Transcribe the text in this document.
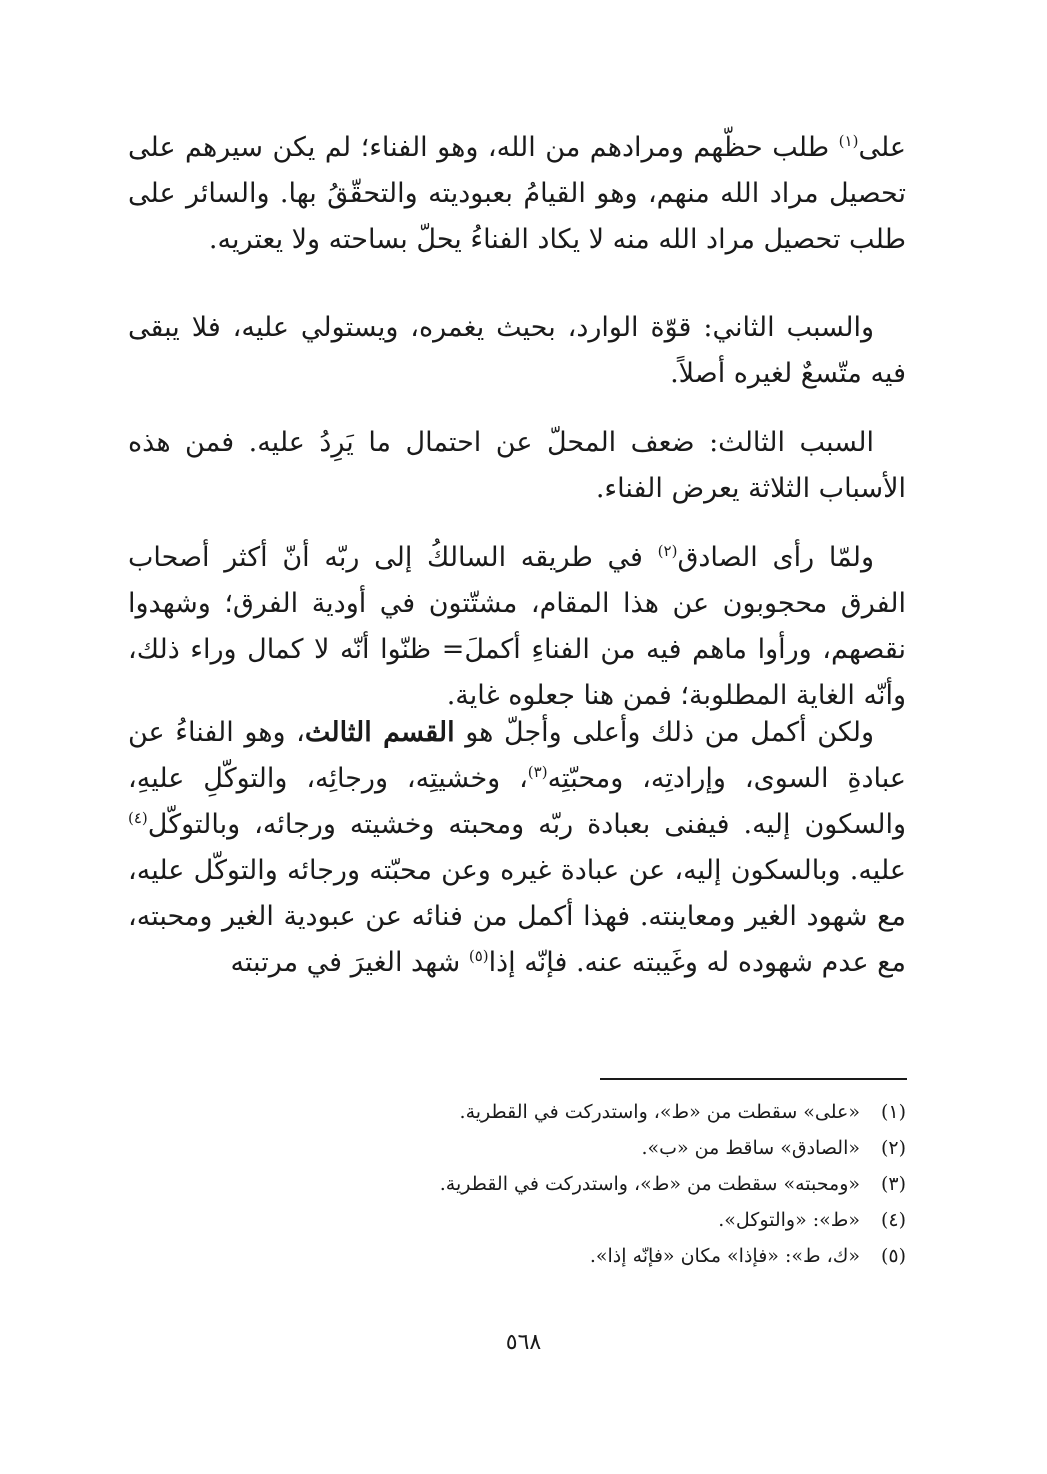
على$^{(١)}$ طلب حظّهم ومرادهم من الله، وهو الفناء؛ لم يكن سيرهم على تحصيل مراد الله منهم، وهو القيامُ بعبوديته والتحقّقُ بها. والسائر على طلب تحصيل مراد الله منه لا يكاد الفناءُ يحلّ بساحته ولا يعتريه.

والسبب الثاني: قوّة الوارد، بحيث يغمره، ويستولي عليه، فلا يبقى فيه متّسعٌ لغيره أصلاً.

السبب الثالث: ضعف المحلّ عن احتمال ما يَرِدُ عليه. فمن هذه الأسباب الثلاثة يعرض الفناء.

ولمّا رأى الصادق$^{(٢)}$ في طريقه السالكُ إلى ربّه أنّ أكثر أصحاب الفرق محجوبون عن هذا المقام، مشتّتون في أودية الفرق؛ وشهدوا نقصهم، ورأوا ماهم فيه من الفناءِ أكملَ= ظنّوا أنّه لا كمال وراء ذلك، وأنّه الغاية المطلوبة؛ فمن هنا جعلوه غاية.

ولكن أكمل من ذلك وأعلى وأجلّ هو القسم الثالث، وهو الفناءُ عن عبادةِ السوى، وإرادتِه، ومحبّتِه$^{(٣)}$، وخشيتِه، ورجائِه، والتوكّلِ عليهِ، والسكون إليه. فيفنى بعبادة ربّه ومحبته وخشيته ورجائه، وبالتوكّل$^{(٤)}$ عليه. وبالسكون إليه، عن عبادة غيره وعن محبّته ورجائه والتوكّل عليه، مع شهود الغير ومعاينته. فهذا أكمل من فنائه عن عبودية الغير ومحبته، مع عدم شهوده له وغَيبته عنه. فإنّه إذا$^{(٥)}$ شهد الغيرَ في مرتبته

(١)«على» سقطت من «ط»، واستدركت في القطرية.
(٢)«الصادق» ساقط من «ب».
(٣)«ومحبته» سقطت من «ط»، واستدركت في القطرية.
(٤)«ط»: «والتوكل».
(٥)«ك، ط»: «فإذا» مكان «فإنّه إذا».
٥٦٨
